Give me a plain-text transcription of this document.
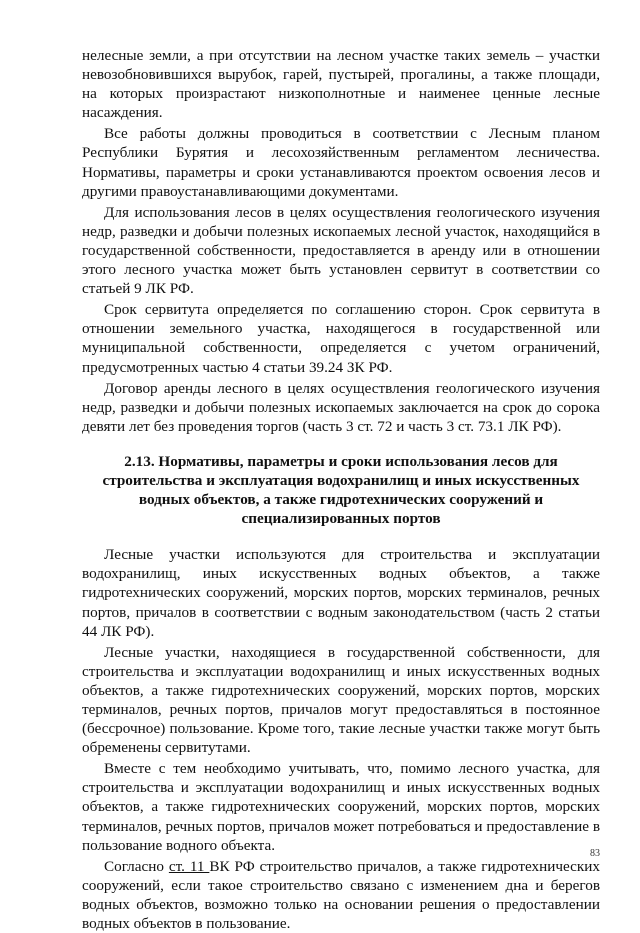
нелесные земли, а при отсутствии на лесном участке таких земель – участки невозобновившихся вырубок, гарей, пустырей, прогалины, а также площади, на которых произрастают низкополнотные и наименее ценные лесные насаждения.

Все работы должны проводиться в соответствии с Лесным планом Республики Бурятия и лесохозяйственным регламентом лесничества. Нормативы, параметры и сроки устанавливаются проектом освоения лесов и другими правоустанавливающими документами.

Для использования лесов в целях осуществления геологического изучения недр, разведки и добычи полезных ископаемых лесной участок, находящийся в государственной собственности, предоставляется в аренду или в отношении этого лесного участка может быть установлен сервитут в соответствии со статьей 9 ЛК РФ.

Срок сервитута определяется по соглашению сторон. Срок сервитута в отношении земельного участка, находящегося в государственной или муниципальной собственности, определяется с учетом ограничений, предусмотренных частью 4 статьи 39.24 ЗК РФ.

Договор аренды лесного в целях осуществления геологического изучения недр, разведки и добычи полезных ископаемых заключается на срок до сорока девяти лет без проведения торгов (часть 3 ст. 72 и часть 3 ст. 73.1 ЛК РФ).

2.13. Нормативы, параметры и сроки использования лесов для строительства и эксплуатация водохранилищ и иных искусственных водных объектов, а также гидротехнических сооружений и специализированных портов

Лесные участки используются для строительства и эксплуатации водохранилищ, иных искусственных водных объектов, а также гидротехнических сооружений, морских портов, морских терминалов, речных портов, причалов в соответствии с водным законодательством (часть 2 статьи 44 ЛК РФ).

Лесные участки, находящиеся в государственной собственности, для строительства и эксплуатации водохранилищ и иных искусственных водных объектов, а также гидротехнических сооружений, морских портов, морских терминалов, речных портов, причалов могут предоставляться в постоянное (бессрочное) пользование. Кроме того, такие лесные участки также могут быть обременены сервитутами.

Вместе с тем необходимо учитывать, что, помимо лесного участка, для строительства и эксплуатации водохранилищ и иных искусственных водных объектов, а также гидротехнических сооружений, морских портов, морских терминалов, речных портов, причалов может потребоваться и предоставление в пользование водного объекта.

Согласно ст. 11 ВК РФ строительство причалов, а также гидротехнических сооружений, если такое строительство связано с изменением дна и берегов водных объектов, возможно только на основании решения о предоставлении водных объектов в пользование.

83
